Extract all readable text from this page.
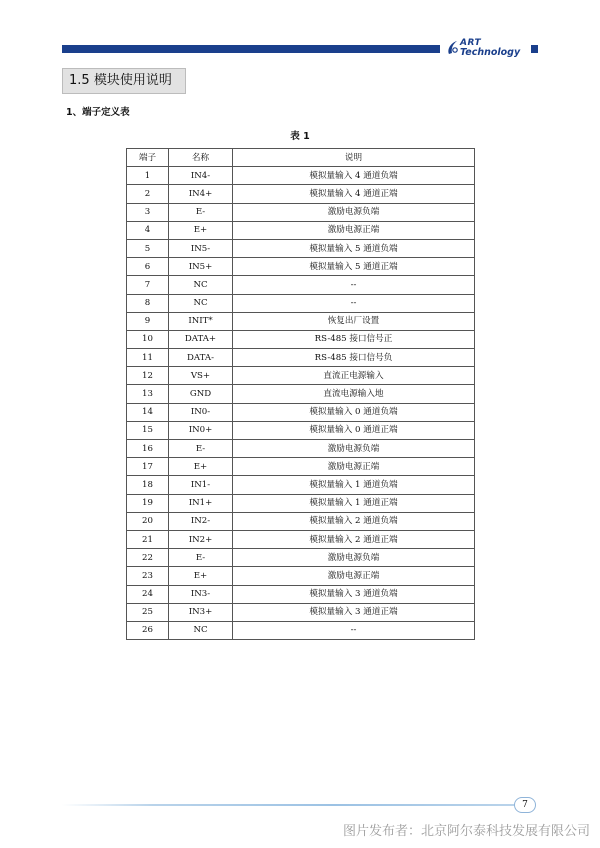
ART
Technology
1.5 模块使用说明
1、端子定义表
表 1
端子	名称	说明
1	IN4-	模拟量输入 4 通道负端
2	IN4+	模拟量输入 4 通道正端
3	E-	激励电源负端
4	E+	激励电源正端
5	IN5-	模拟量输入 5 通道负端
6	IN5+	模拟量输入 5 通道正端
7	NC	--
8	NC	--
9	INIT*	恢复出厂设置
10	DATA+	RS-485 接口信号正
11	DATA-	RS-485 接口信号负
12	VS+	直流正电源输入
13	GND	直流电源输入地
14	IN0-	模拟量输入 0 通道负端
15	IN0+	模拟量输入 0 通道正端
16	E-	激励电源负端
17	E+	激励电源正端
18	IN1-	模拟量输入 1 通道负端
19	IN1+	模拟量输入 1 通道正端
20	IN2-	模拟量输入 2 通道负端
21	IN2+	模拟量输入 2 通道正端
22	E-	激励电源负端
23	E+	激励电源正端
24	IN3-	模拟量输入 3 通道负端
25	IN3+	模拟量输入 3 通道正端
26	NC	--
7
图片发布者：北京阿尔泰科技发展有限公司
